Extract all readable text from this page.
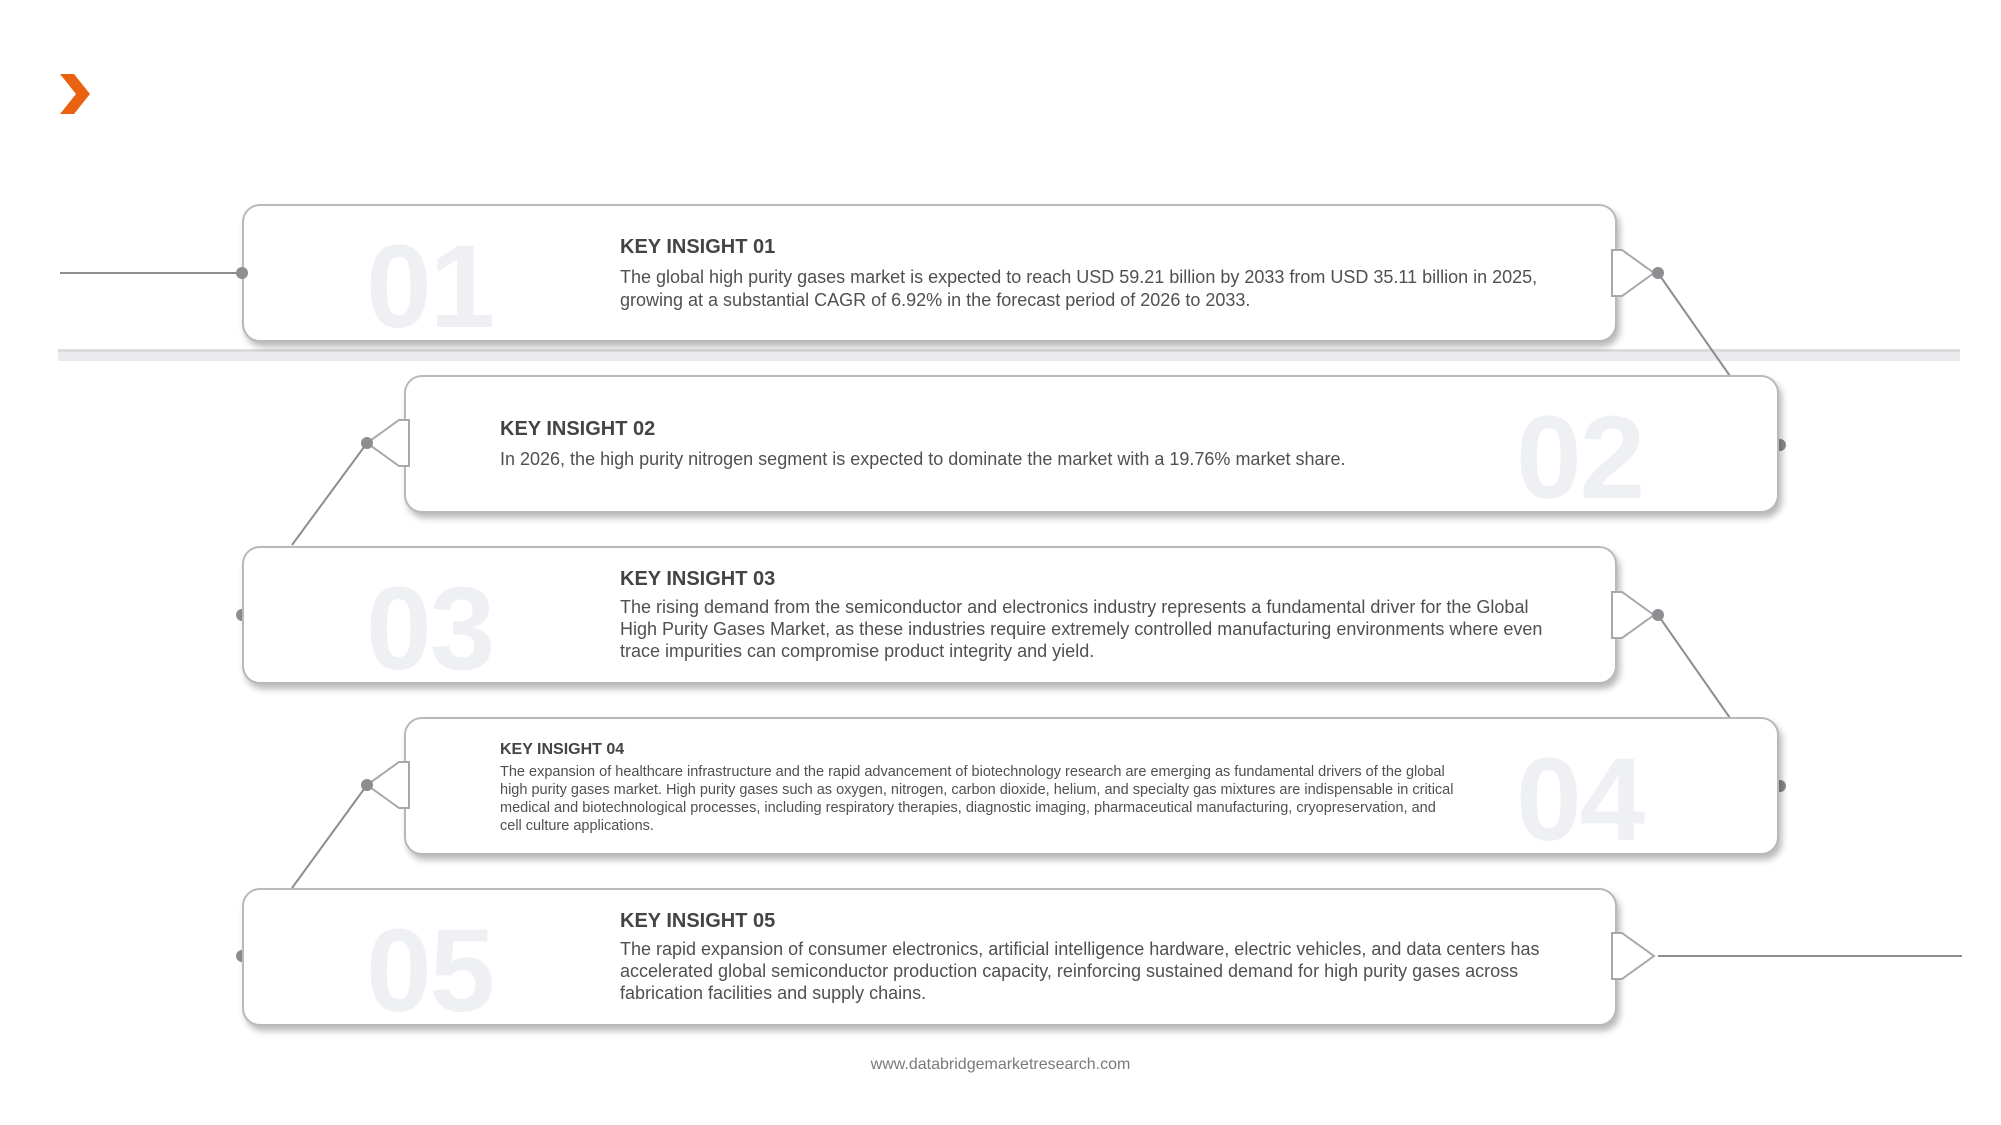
01	KEY INSIGHT 01
The global high purity gases market is expected to reach USD 59.21 billion by 2033 from USD 35.11 billion in 2025, growing at a substantial CAGR of 6.92% in the forecast period of 2026 to 2033.
02
KEY INSIGHT 02
In 2026, the high purity nitrogen segment is expected to dominate the market with a 19.76% market share.
03	KEY INSIGHT 03
The rising demand from the semiconductor and electronics industry represents a fundamental driver for the Global High Purity Gases Market, as these industries require extremely controlled manufacturing environments where even trace impurities can compromise product integrity and yield.
04
KEY INSIGHT 04
The expansion of healthcare infrastructure and the rapid advancement of biotechnology research are emerging as fundamental drivers of the global high purity gases market. High purity gases such as oxygen, nitrogen, carbon dioxide, helium, and specialty gas mixtures are indispensable in critical medical and biotechnological processes, including respiratory therapies, diagnostic imaging, pharmaceutical manufacturing, cryopreservation, and cell culture applications.
05	KEY INSIGHT 05
The rapid expansion of consumer electronics, artificial intelligence hardware, electric vehicles, and data centers has accelerated global semiconductor production capacity, reinforcing sustained demand for high purity gases across fabrication facilities and supply chains.
www.databridgemarketresearch.com
